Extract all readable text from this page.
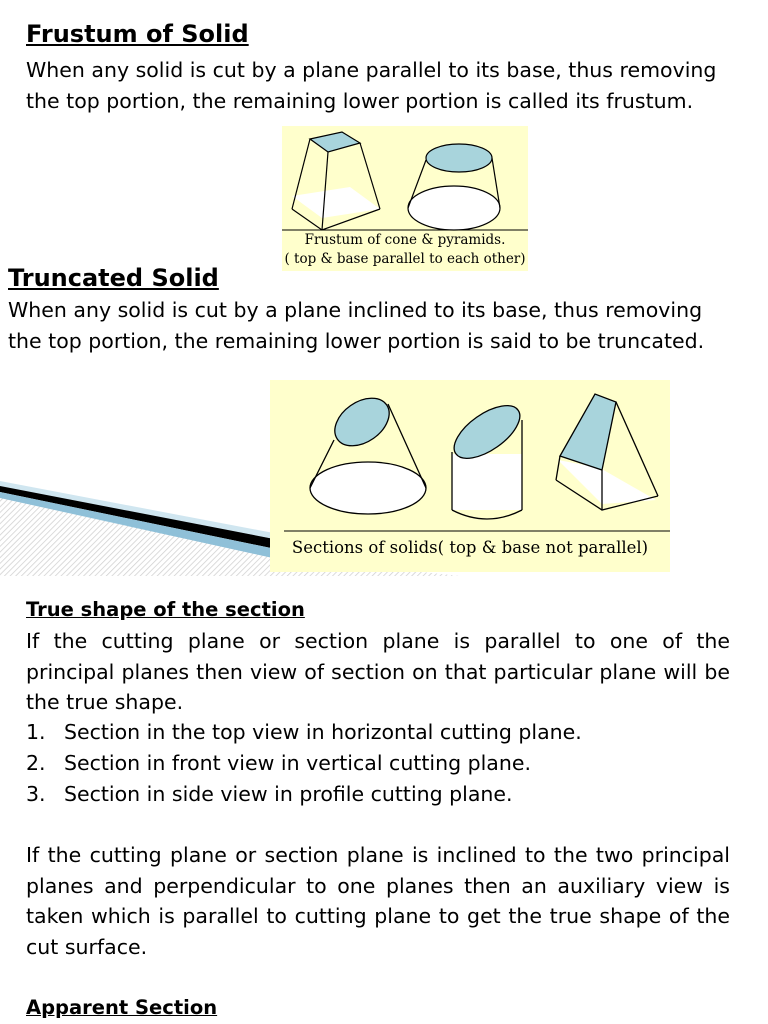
Frustum of Solid
When any solid is cut by a plane parallel to its base, thus removing
the top portion, the remaining lower portion is called its frustum.
Frustum of cone & pyramids.
( top & base parallel to each other)
Truncated Solid
When any solid is cut by a plane inclined to its base, thus removing
the top portion, the remaining lower portion is said to be truncated.
Sections of solids( top & base not parallel)
True shape of the section
If the cutting plane or section plane is parallel to one of the principal planes then view of section on that particular plane will be the true shape.
1. Section in the top view in horizontal cutting plane.
2. Section in front view in vertical cutting plane.
3. Section in side view in profile cutting plane.
If the cutting plane or section plane is inclined to the two principal planes and perpendicular to one planes then an auxiliary view is taken which is parallel to cutting plane to get the true shape of the cut surface.
Apparent Section
